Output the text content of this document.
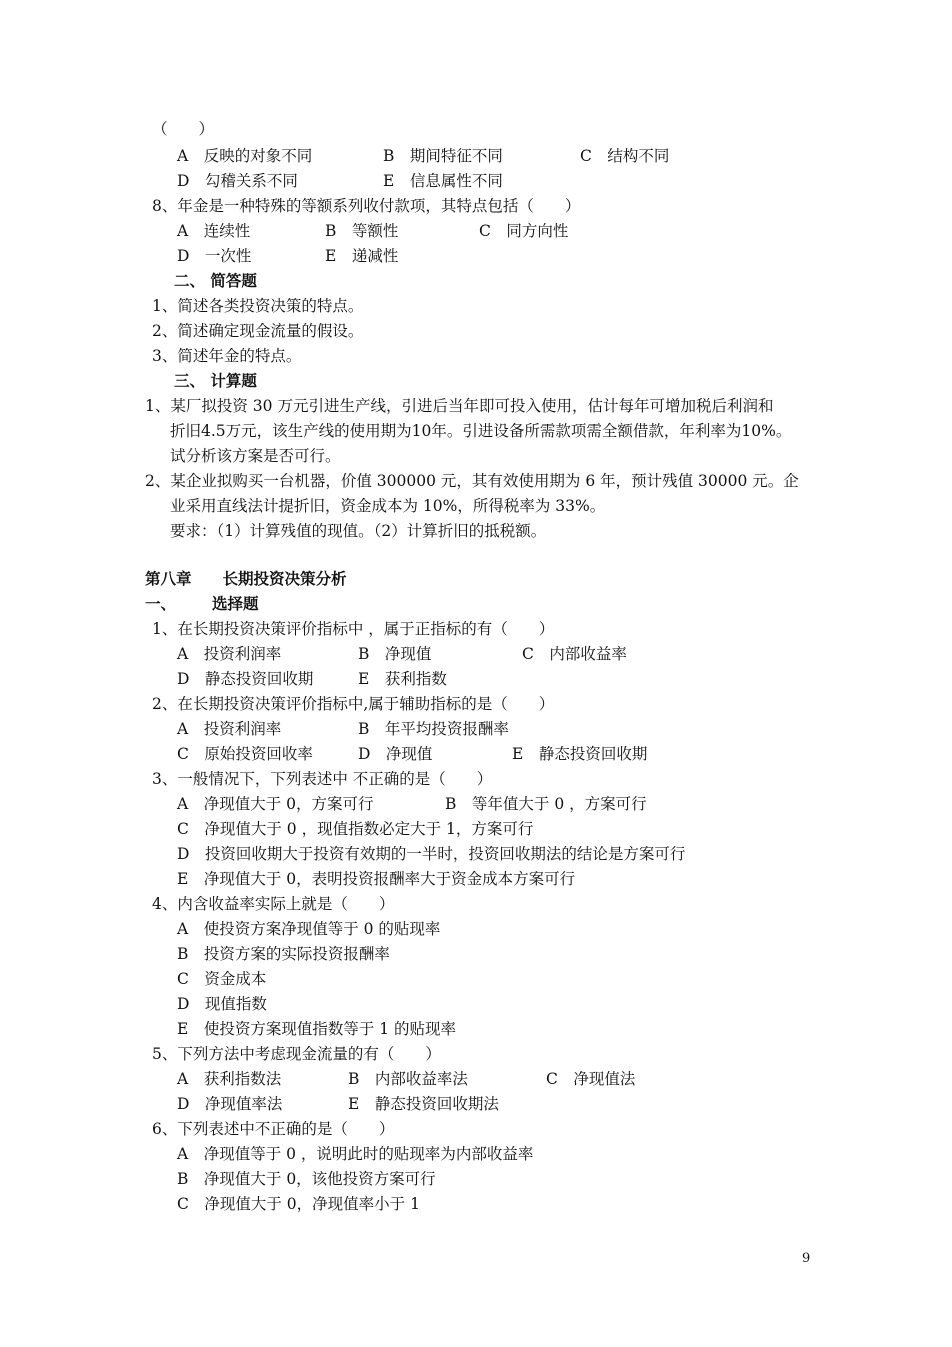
（　　）
A　反映的对象不同	B　期间特征不同	C　结构不同
D　勾稽关系不同	E　信息属性不同
8、年金是一种特殊的等额系列收付款项，其特点包括（　　）
A　连续性	B　等额性	C　同方向性
D　一次性	E　递减性
二、 简答题
1、简述各类投资决策的特点。
2、简述确定现金流量的假设。
3、简述年金的特点。
三、 计算题
1、某厂拟投资 30 万元引进生产线，引进后当年即可投入使用，估计每年可增加税后利润和
折旧4.5万元，该生产线的使用期为10年。引进设备所需款项需全额借款，年利率为10%。
试分析该方案是否可行。
2、某企业拟购买一台机器，价值 300000 元，其有效使用期为 6 年，预计残值 30000 元。企
业采用直线法计提折旧，资金成本为 10%，所得税率为 33%。
要求：（1）计算残值的现值。（2）计算折旧的抵税额。
第八章　　长期投资决策分析
一、 选择题
1、在长期投资决策评价指标中 ，属于正指标的有（　　）
A　投资利润率	B　净现值	C　内部收益率
D　静态投资回收期	E　获利指数
2、在长期投资决策评价指标中,属于辅助指标的是（　　）
A　投资利润率	B　年平均投资报酬率
C　原始投资回收率	D　净现值	E　静态投资回收期
3、一般情况下，下列表述中 不正确的是（　　）
A　净现值大于 0，方案可行	B　等年值大于 0 ，方案可行
C　净现值大于 0 ，现值指数必定大于 1，方案可行
D　投资回收期大于投资有效期的一半时，投资回收期法的结论是方案可行
E　净现值大于 0，表明投资报酬率大于资金成本方案可行
4、内含收益率实际上就是（　　）
A　使投资方案净现值等于 0 的贴现率
B　投资方案的实际投资报酬率
C　资金成本
D　现值指数
E　使投资方案现值指数等于 1 的贴现率
5、下列方法中考虑现金流量的有（　　）
A　获利指数法	B　内部收益率法	C　净现值法
D　净现值率法	E　静态投资回收期法
6、下列表述中不正确的是（　　）
A　净现值等于 0 ，说明此时的贴现率为内部收益率
B　净现值大于 0，该他投资方案可行
C　净现值大于 0，净现值率小于 1
9
